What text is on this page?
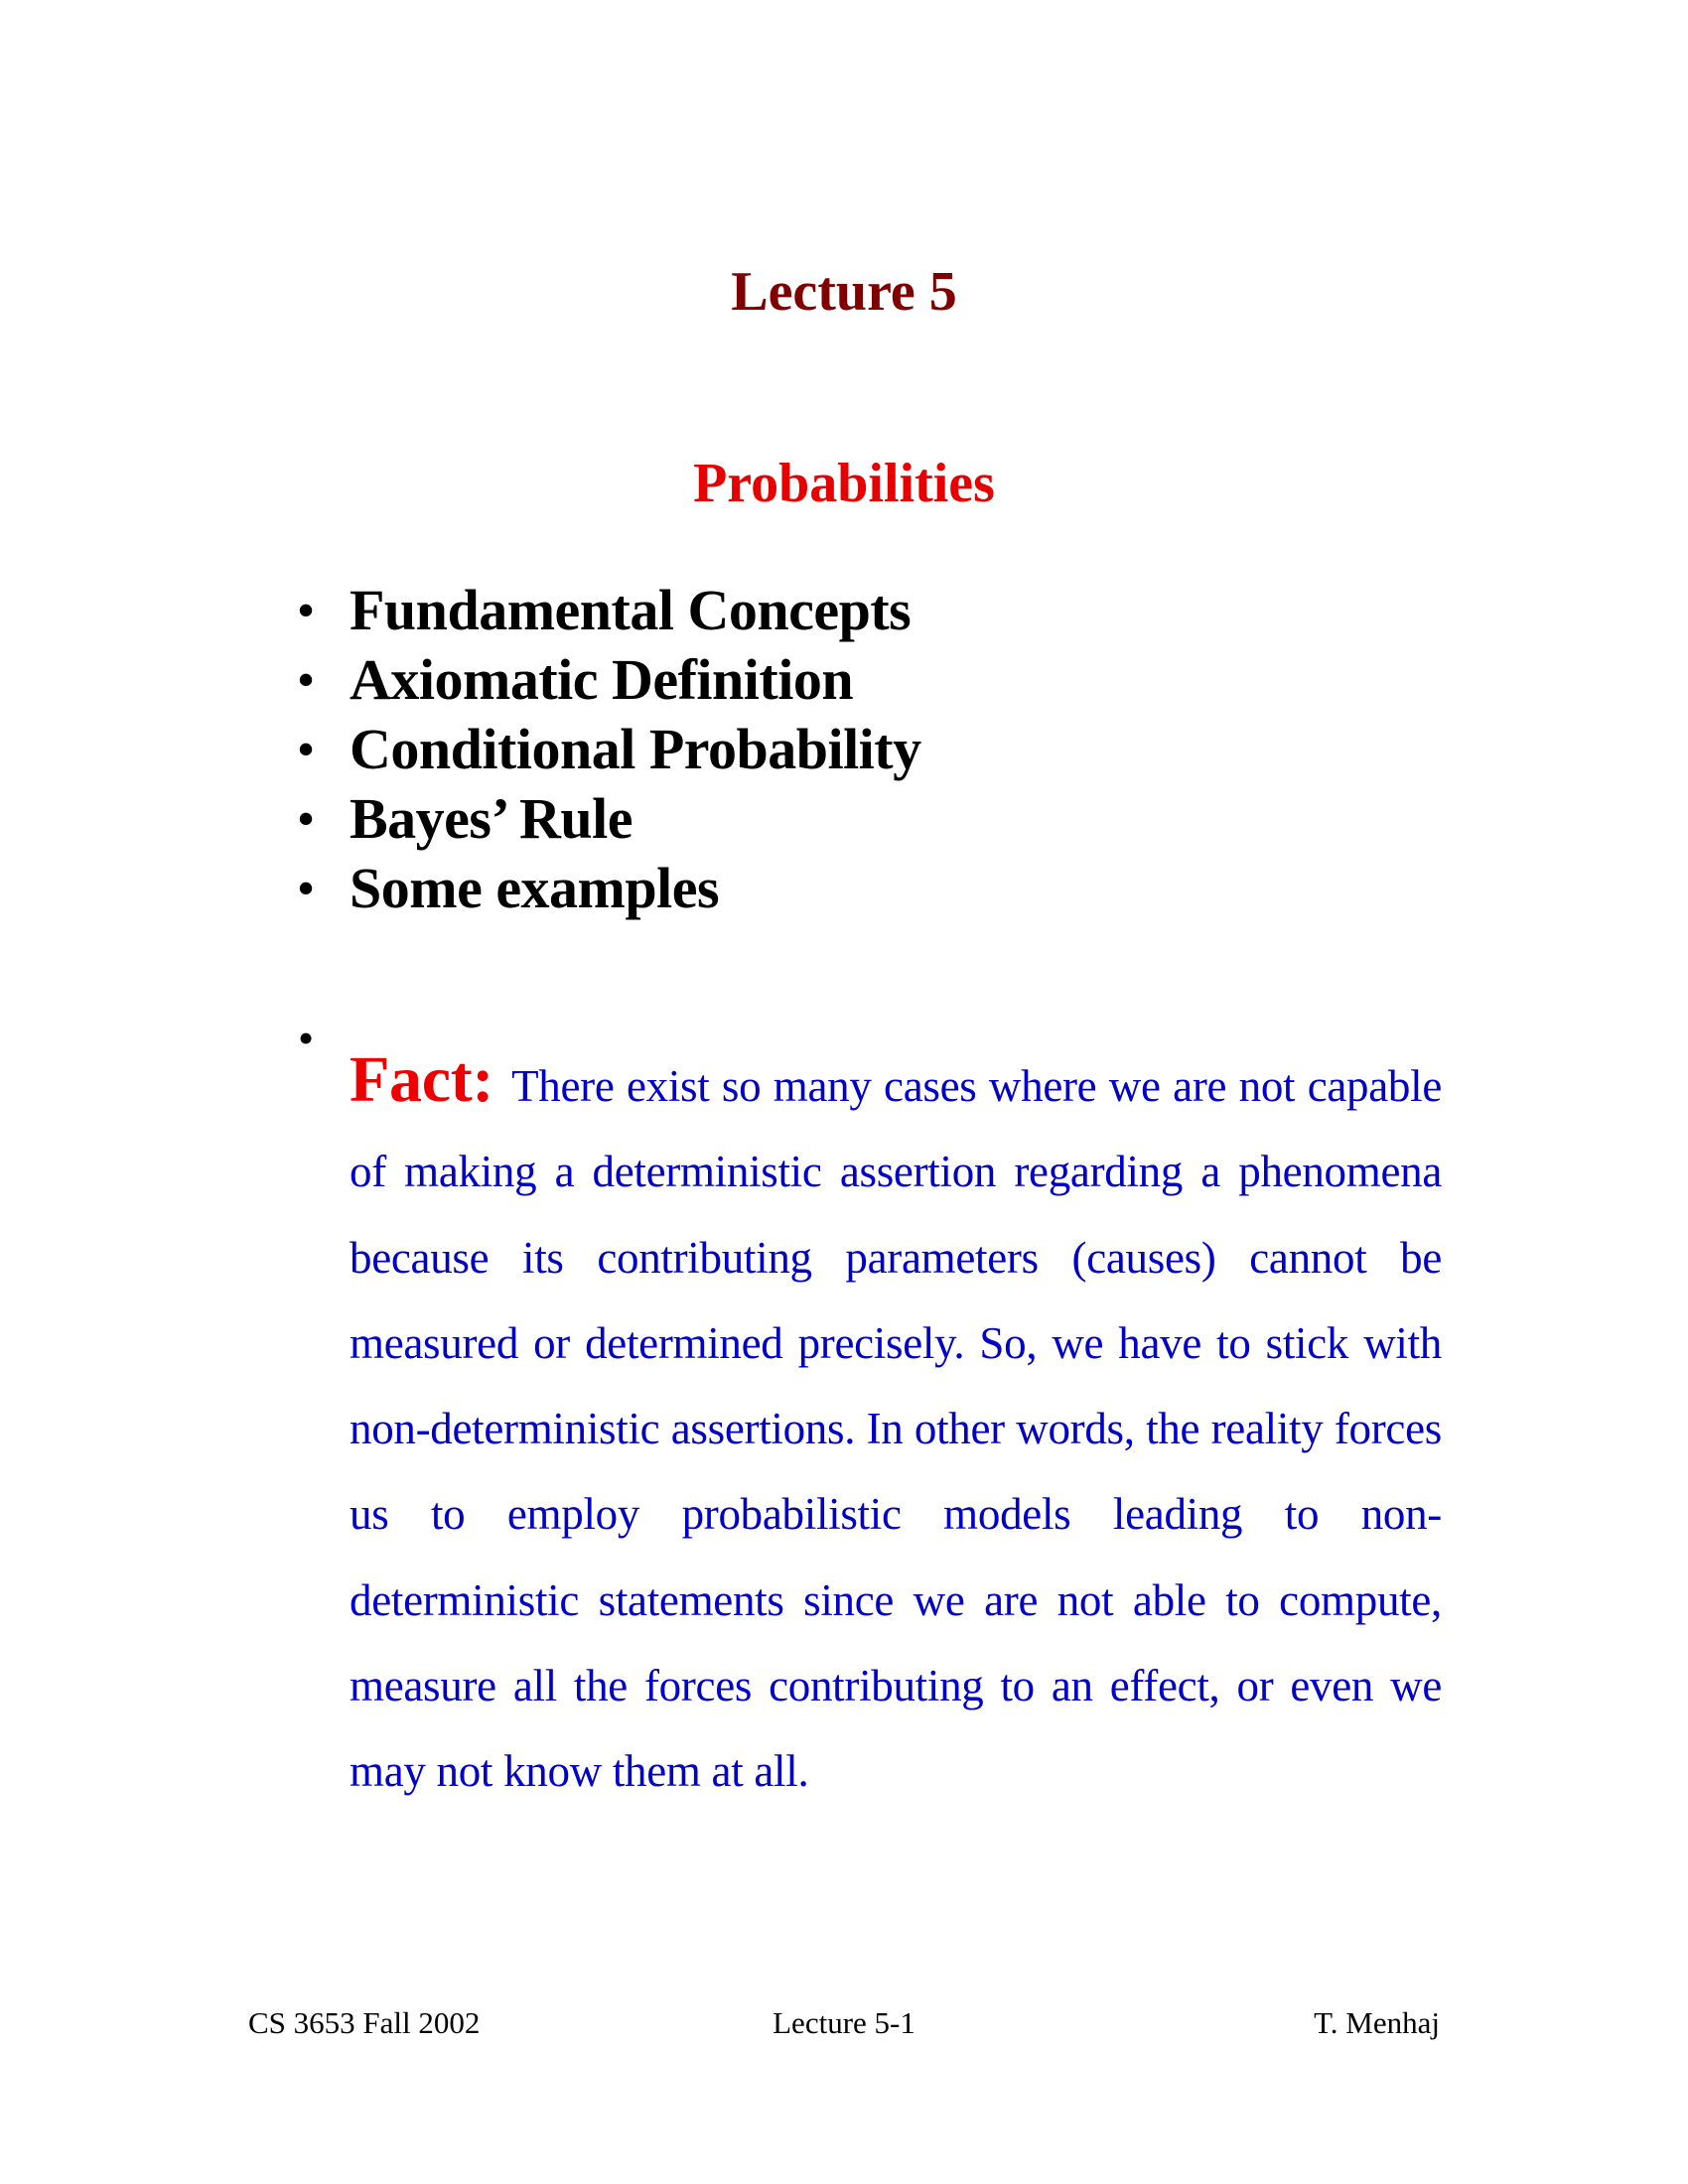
Lecture 5
Probabilities
• Fundamental Concepts
• Axiomatic Definition
• Conditional Probability
• Bayes’ Rule
• Some examples
•

Fact: There exist so many cases where we are not capable of making a deterministic assertion regarding a phenomena because its contributing parameters (causes) cannot be measured or determined precisely. So, we have to stick with non-deterministic assertions. In other words, the reality forces us to employ probabilistic models leading to non-deterministic statements since we are not able to compute, measure all the forces contributing to an effect, or even we may not know them at all.

CS 3653 Fall 2002	Lecture 5-1	T. Menhaj
